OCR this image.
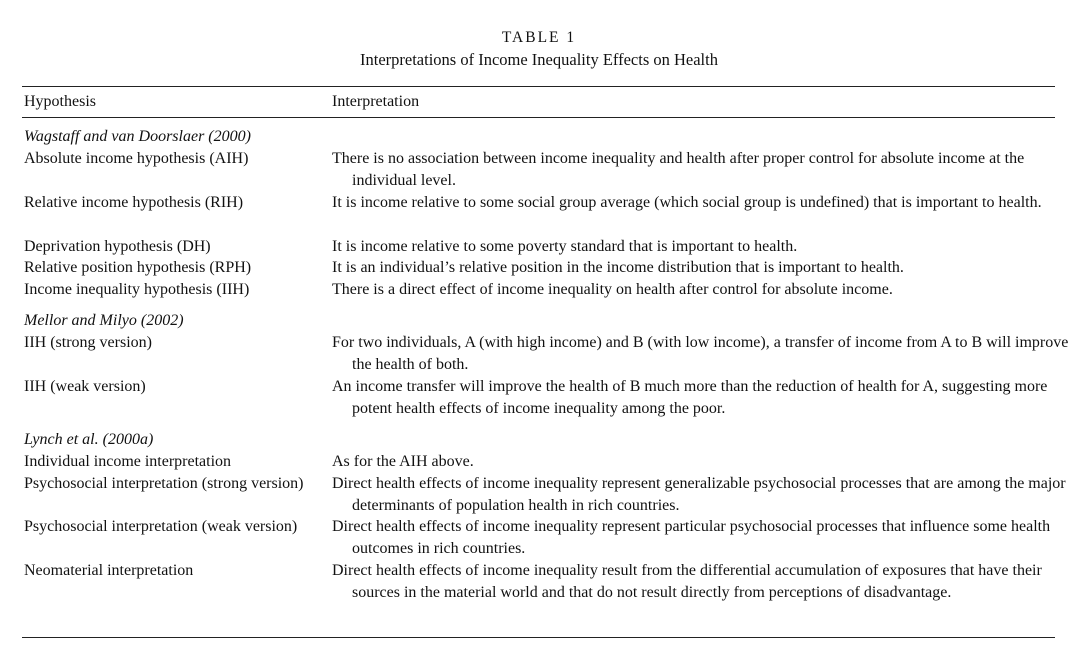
TABLE 1
Interpretations of Income Inequality Effects on Health
Hypothesis	Interpretation
Wagstaff and van Doorslaer (2000)
Absolute income hypothesis (AIH)	There is no association between income inequality and health after proper control for absolute income at the individual level.
Relative income hypothesis (RIH)	It is income relative to some social group average (which social group is undefined) that is important to health.
Deprivation hypothesis (DH)	It is income relative to some poverty standard that is important to health.
Relative position hypothesis (RPH)	It is an individual’s relative position in the income distribution that is important to health.
Income inequality hypothesis (IIH)	There is a direct effect of income inequality on health after control for absolute income.
Mellor and Milyo (2002)
IIH (strong version)	For two individuals, A (with high income) and B (with low income), a transfer of income from A to B will improve the health of both.
IIH (weak version)	An income transfer will improve the health of B much more than the reduction of health for A, suggesting more potent health effects of income inequality among the poor.
Lynch et al. (2000a)
Individual income interpretation	As for the AIH above.
Psychosocial interpretation (strong version)	Direct health effects of income inequality represent generalizable psychosocial processes that are among the major determinants of population health in rich countries.
Psychosocial interpretation (weak version)	Direct health effects of income inequality represent particular psychosocial processes that influence some health outcomes in rich countries.
Neomaterial interpretation	Direct health effects of income inequality result from the differential accumulation of exposures that have their sources in the material world and that do not result directly from perceptions of disadvantage.
